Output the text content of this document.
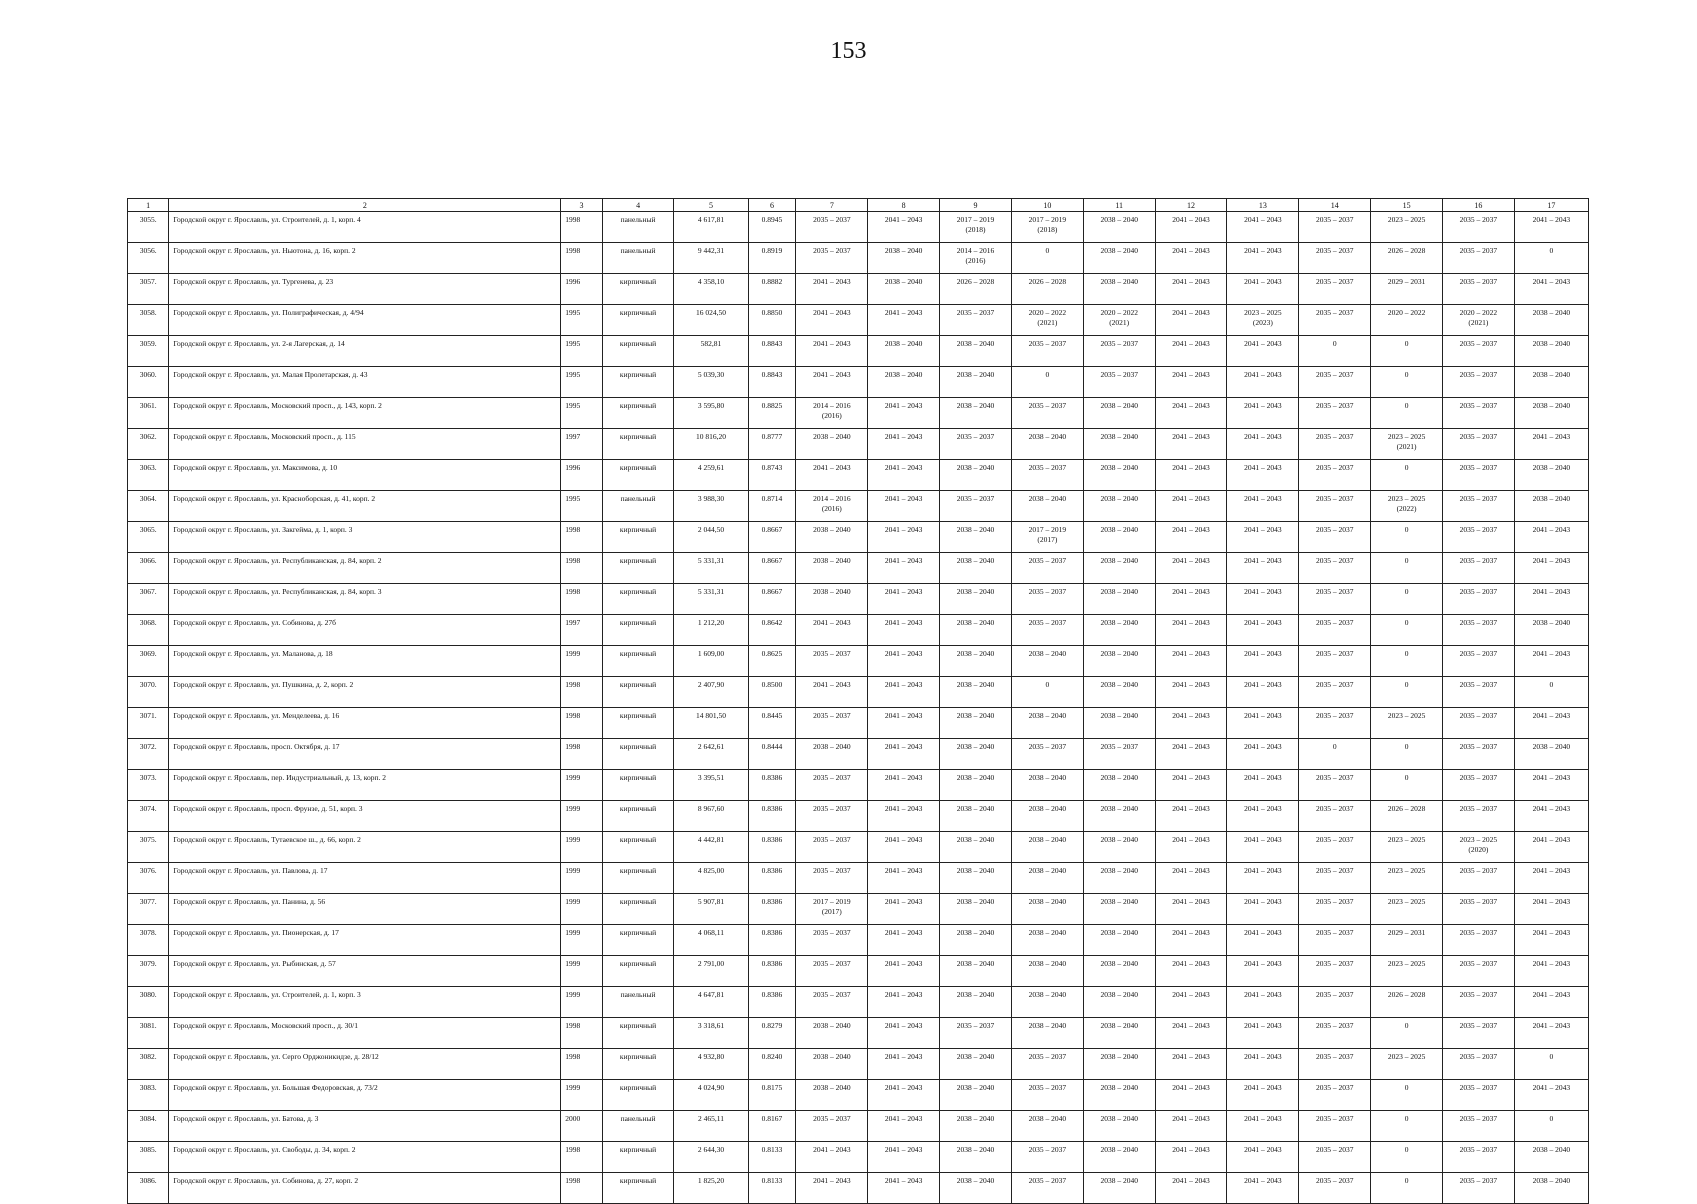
153
1	2	3	4	5	6	7	8	9	10	11	12	13	14	15	16	17
3055.	Городской округ г. Ярославль, ул. Строителей, д. 1, корп. 4	1998	панельный	4 617,81	0.8945	2035 – 2037	2041 – 2043	2017 – 2019
(2018)	2017 – 2019
(2018)	2038 – 2040	2041 – 2043	2041 – 2043	2035 – 2037	2023 – 2025	2035 – 2037	2041 – 2043
3056.	Городской округ г. Ярославль, ул. Ньютона, д. 16, корп. 2	1998	панельный	9 442,31	0.8919	2035 – 2037	2038 – 2040	2014 – 2016
(2016)	0	2038 – 2040	2041 – 2043	2041 – 2043	2035 – 2037	2026 – 2028	2035 – 2037	0
3057.	Городской округ г. Ярославль, ул. Тургенева, д. 23	1996	кирпичный	4 358,10	0.8882	2041 – 2043	2038 – 2040	2026 – 2028	2026 – 2028	2038 – 2040	2041 – 2043	2041 – 2043	2035 – 2037	2029 – 2031	2035 – 2037	2041 – 2043
3058.	Городской округ г. Ярославль, ул. Полиграфическая, д. 4/94	1995	кирпичный	16 024,50	0.8850	2041 – 2043	2041 – 2043	2035 – 2037	2020 – 2022
(2021)	2020 – 2022
(2021)	2041 – 2043	2023 – 2025
(2023)	2035 – 2037	2020 – 2022	2020 – 2022
(2021)	2038 – 2040
3059.	Городской округ г. Ярославль, ул. 2-я Лагерская, д. 14	1995	кирпичный	582,81	0.8843	2041 – 2043	2038 – 2040	2038 – 2040	2035 – 2037	2035 – 2037	2041 – 2043	2041 – 2043	0	0	2035 – 2037	2038 – 2040
3060.	Городской округ г. Ярославль, ул. Малая Пролетарская, д. 43	1995	кирпичный	5 039,30	0.8843	2041 – 2043	2038 – 2040	2038 – 2040	0	2035 – 2037	2041 – 2043	2041 – 2043	2035 – 2037	0	2035 – 2037	2038 – 2040
3061.	Городской округ г. Ярославль, Московский просп., д. 143, корп. 2	1995	кирпичный	3 595,80	0.8825	2014 – 2016
(2016)	2041 – 2043	2038 – 2040	2035 – 2037	2038 – 2040	2041 – 2043	2041 – 2043	2035 – 2037	0	2035 – 2037	2038 – 2040
3062.	Городской округ г. Ярославль, Московский просп., д. 115	1997	кирпичный	10 816,20	0.8777	2038 – 2040	2041 – 2043	2035 – 2037	2038 – 2040	2038 – 2040	2041 – 2043	2041 – 2043	2035 – 2037	2023 – 2025
(2021)	2035 – 2037	2041 – 2043
3063.	Городской округ г. Ярославль, ул. Максимова, д. 10	1996	кирпичный	4 259,61	0.8743	2041 – 2043	2041 – 2043	2038 – 2040	2035 – 2037	2038 – 2040	2041 – 2043	2041 – 2043	2035 – 2037	0	2035 – 2037	2038 – 2040
3064.	Городской округ г. Ярославль, ул. Красноборская, д. 41, корп. 2	1995	панельный	3 988,30	0.8714	2014 – 2016
(2016)	2041 – 2043	2035 – 2037	2038 – 2040	2038 – 2040	2041 – 2043	2041 – 2043	2035 – 2037	2023 – 2025
(2022)	2035 – 2037	2038 – 2040
3065.	Городской округ г. Ярославль, ул. Закгейма, д. 1, корп. 3	1998	кирпичный	2 044,50	0.8667	2038 – 2040	2041 – 2043	2038 – 2040	2017 – 2019
(2017)	2038 – 2040	2041 – 2043	2041 – 2043	2035 – 2037	0	2035 – 2037	2041 – 2043
3066.	Городской округ г. Ярославль, ул. Республиканская, д. 84, корп. 2	1998	кирпичный	5 331,31	0.8667	2038 – 2040	2041 – 2043	2038 – 2040	2035 – 2037	2038 – 2040	2041 – 2043	2041 – 2043	2035 – 2037	0	2035 – 2037	2041 – 2043
3067.	Городской округ г. Ярославль, ул. Республиканская, д. 84, корп. 3	1998	кирпичный	5 331,31	0.8667	2038 – 2040	2041 – 2043	2038 – 2040	2035 – 2037	2038 – 2040	2041 – 2043	2041 – 2043	2035 – 2037	0	2035 – 2037	2041 – 2043
3068.	Городской округ г. Ярославль, ул. Собинова, д. 27б	1997	кирпичный	1 212,20	0.8642	2041 – 2043	2041 – 2043	2038 – 2040	2035 – 2037	2038 – 2040	2041 – 2043	2041 – 2043	2035 – 2037	0	2035 – 2037	2038 – 2040
3069.	Городской округ г. Ярославль, ул. Маланова, д. 18	1999	кирпичный	1 609,00	0.8625	2035 – 2037	2041 – 2043	2038 – 2040	2038 – 2040	2038 – 2040	2041 – 2043	2041 – 2043	2035 – 2037	0	2035 – 2037	2041 – 2043
3070.	Городской округ г. Ярославль, ул. Пушкина, д. 2, корп. 2	1998	кирпичный	2 407,90	0.8500	2041 – 2043	2041 – 2043	2038 – 2040	0	2038 – 2040	2041 – 2043	2041 – 2043	2035 – 2037	0	2035 – 2037	0
3071.	Городской округ г. Ярославль, ул. Менделеева, д. 16	1998	кирпичный	14 801,50	0.8445	2035 – 2037	2041 – 2043	2038 – 2040	2038 – 2040	2038 – 2040	2041 – 2043	2041 – 2043	2035 – 2037	2023 – 2025	2035 – 2037	2041 – 2043
3072.	Городской округ г. Ярославль, просп. Октября, д. 17	1998	кирпичный	2 642,61	0.8444	2038 – 2040	2041 – 2043	2038 – 2040	2035 – 2037	2035 – 2037	2041 – 2043	2041 – 2043	0	0	2035 – 2037	2038 – 2040
3073.	Городской округ г. Ярославль, пер. Индустриальный, д. 13, корп. 2	1999	кирпичный	3 395,51	0.8386	2035 – 2037	2041 – 2043	2038 – 2040	2038 – 2040	2038 – 2040	2041 – 2043	2041 – 2043	2035 – 2037	0	2035 – 2037	2041 – 2043
3074.	Городской округ г. Ярославль, просп. Фрунзе, д. 51, корп. 3	1999	кирпичный	8 967,60	0.8386	2035 – 2037	2041 – 2043	2038 – 2040	2038 – 2040	2038 – 2040	2041 – 2043	2041 – 2043	2035 – 2037	2026 – 2028	2035 – 2037	2041 – 2043
3075.	Городской округ г. Ярославль, Тутаевское ш., д. 66, корп. 2	1999	кирпичный	4 442,81	0.8386	2035 – 2037	2041 – 2043	2038 – 2040	2038 – 2040	2038 – 2040	2041 – 2043	2041 – 2043	2035 – 2037	2023 – 2025	2023 – 2025
(2020)	2041 – 2043
3076.	Городской округ г. Ярославль, ул. Павлова, д. 17	1999	кирпичный	4 825,00	0.8386	2035 – 2037	2041 – 2043	2038 – 2040	2038 – 2040	2038 – 2040	2041 – 2043	2041 – 2043	2035 – 2037	2023 – 2025	2035 – 2037	2041 – 2043
3077.	Городской округ г. Ярославль, ул. Панина, д. 56	1999	кирпичный	5 907,81	0.8386	2017 – 2019
(2017)	2041 – 2043	2038 – 2040	2038 – 2040	2038 – 2040	2041 – 2043	2041 – 2043	2035 – 2037	2023 – 2025	2035 – 2037	2041 – 2043
3078.	Городской округ г. Ярославль, ул. Пионерская, д. 17	1999	кирпичный	4 068,11	0.8386	2035 – 2037	2041 – 2043	2038 – 2040	2038 – 2040	2038 – 2040	2041 – 2043	2041 – 2043	2035 – 2037	2029 – 2031	2035 – 2037	2041 – 2043
3079.	Городской округ г. Ярославль, ул. Рыбинская, д. 57	1999	кирпичный	2 791,00	0.8386	2035 – 2037	2041 – 2043	2038 – 2040	2038 – 2040	2038 – 2040	2041 – 2043	2041 – 2043	2035 – 2037	2023 – 2025	2035 – 2037	2041 – 2043
3080.	Городской округ г. Ярославль, ул. Строителей, д. 1, корп. 3	1999	панельный	4 647,81	0.8386	2035 – 2037	2041 – 2043	2038 – 2040	2038 – 2040	2038 – 2040	2041 – 2043	2041 – 2043	2035 – 2037	2026 – 2028	2035 – 2037	2041 – 2043
3081.	Городской округ г. Ярославль, Московский просп., д. 30/1	1998	кирпичный	3 318,61	0.8279	2038 – 2040	2041 – 2043	2035 – 2037	2038 – 2040	2038 – 2040	2041 – 2043	2041 – 2043	2035 – 2037	0	2035 – 2037	2041 – 2043
3082.	Городской округ г. Ярославль, ул. Серго Орджоникидзе, д. 28/12	1998	кирпичный	4 932,80	0.8240	2038 – 2040	2041 – 2043	2038 – 2040	2035 – 2037	2038 – 2040	2041 – 2043	2041 – 2043	2035 – 2037	2023 – 2025	2035 – 2037	0
3083.	Городской округ г. Ярославль, ул. Большая Федоровская, д. 73/2	1999	кирпичный	4 024,90	0.8175	2038 – 2040	2041 – 2043	2038 – 2040	2035 – 2037	2038 – 2040	2041 – 2043	2041 – 2043	2035 – 2037	0	2035 – 2037	2041 – 2043
3084.	Городской округ г. Ярославль, ул. Батова, д. 3	2000	панельный	2 465,11	0.8167	2035 – 2037	2041 – 2043	2038 – 2040	2038 – 2040	2038 – 2040	2041 – 2043	2041 – 2043	2035 – 2037	0	2035 – 2037	0
3085.	Городской округ г. Ярославль, ул. Свободы, д. 34, корп. 2	1998	кирпичный	2 644,30	0.8133	2041 – 2043	2041 – 2043	2038 – 2040	2035 – 2037	2038 – 2040	2041 – 2043	2041 – 2043	2035 – 2037	0	2035 – 2037	2038 – 2040
3086.	Городской округ г. Ярославль, ул. Собинова, д. 27, корп. 2	1998	кирпичный	1 825,20	0.8133	2041 – 2043	2041 – 2043	2038 – 2040	2035 – 2037	2038 – 2040	2041 – 2043	2041 – 2043	2035 – 2037	0	2035 – 2037	2038 – 2040
